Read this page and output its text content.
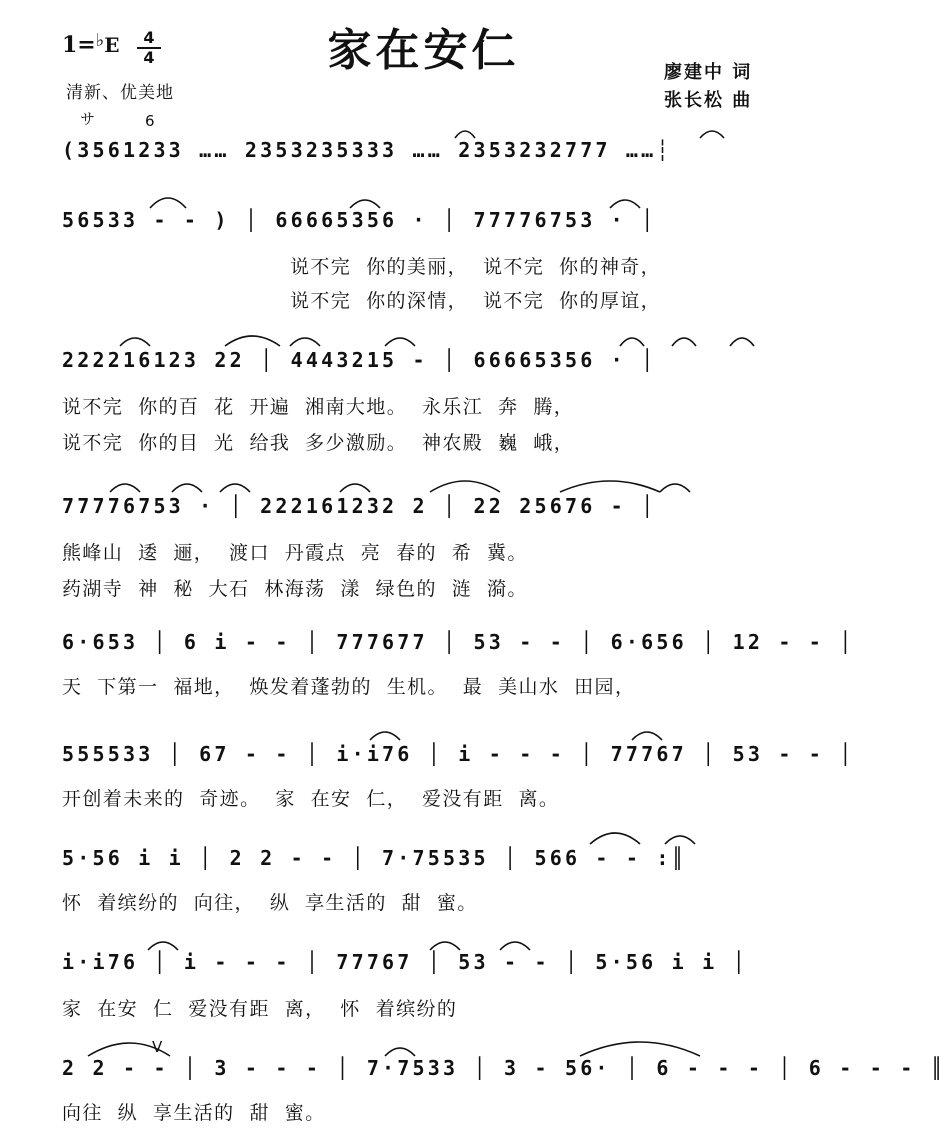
家在安仁
1=♭E	4
4
清新、优美地
廖建中 词
张长松 曲
サ	6
V
(3561233 …… 2353235333 …… 2353232777 ……┆
56533 - - ) │ 66665356 · │ 77776753 · │
说不完  你的美丽，  说不完  你的神奇，
说不完  你的深情，  说不完  你的厚谊，
222216123 22 │ 4443215 - │ 66665356 · │
说不完  你的百  花  开遍  湘南大地。  永乐江  奔  腾，
说不完  你的目  光  给我  多少激励。  神农殿  巍  峨，
77776753 · │ 222161232 2 │ 22 25676 - │
熊峰山  逶  逦，  渡口  丹霞点  亮  春的  希  冀。
药湖寺  神  秘  大石  林海荡  漾  绿色的  涟  漪。
6·653 │ 6 i - - │ 777677 │ 53 - - │ 6·656 │ 12 - - │
天  下第一  福地，  焕发着蓬勃的  生机。  最  美山水  田园，
555533 │ 67 - - │ i·i76 │ i - - - │ 77767 │ 53 - - │
开创着未来的  奇迹。  家  在安  仁，  爱没有距  离。
5·56 i i │ 2 2 - - │ 7·75535 │ 566 - - :║
怀  着缤纷的  向往，  纵  享生活的  甜  蜜。
i·i76 │ i - - - │ 77767 │ 53 - - │ 5·56 i i │
家  在安  仁  爱没有距  离，  怀  着缤纷的
2 2 - - │ 3 - - - │ 7·7533 │ 3 - 56· │ 6 - - - │ 6 - - - ║
向往  纵  享生活的  甜  蜜。
